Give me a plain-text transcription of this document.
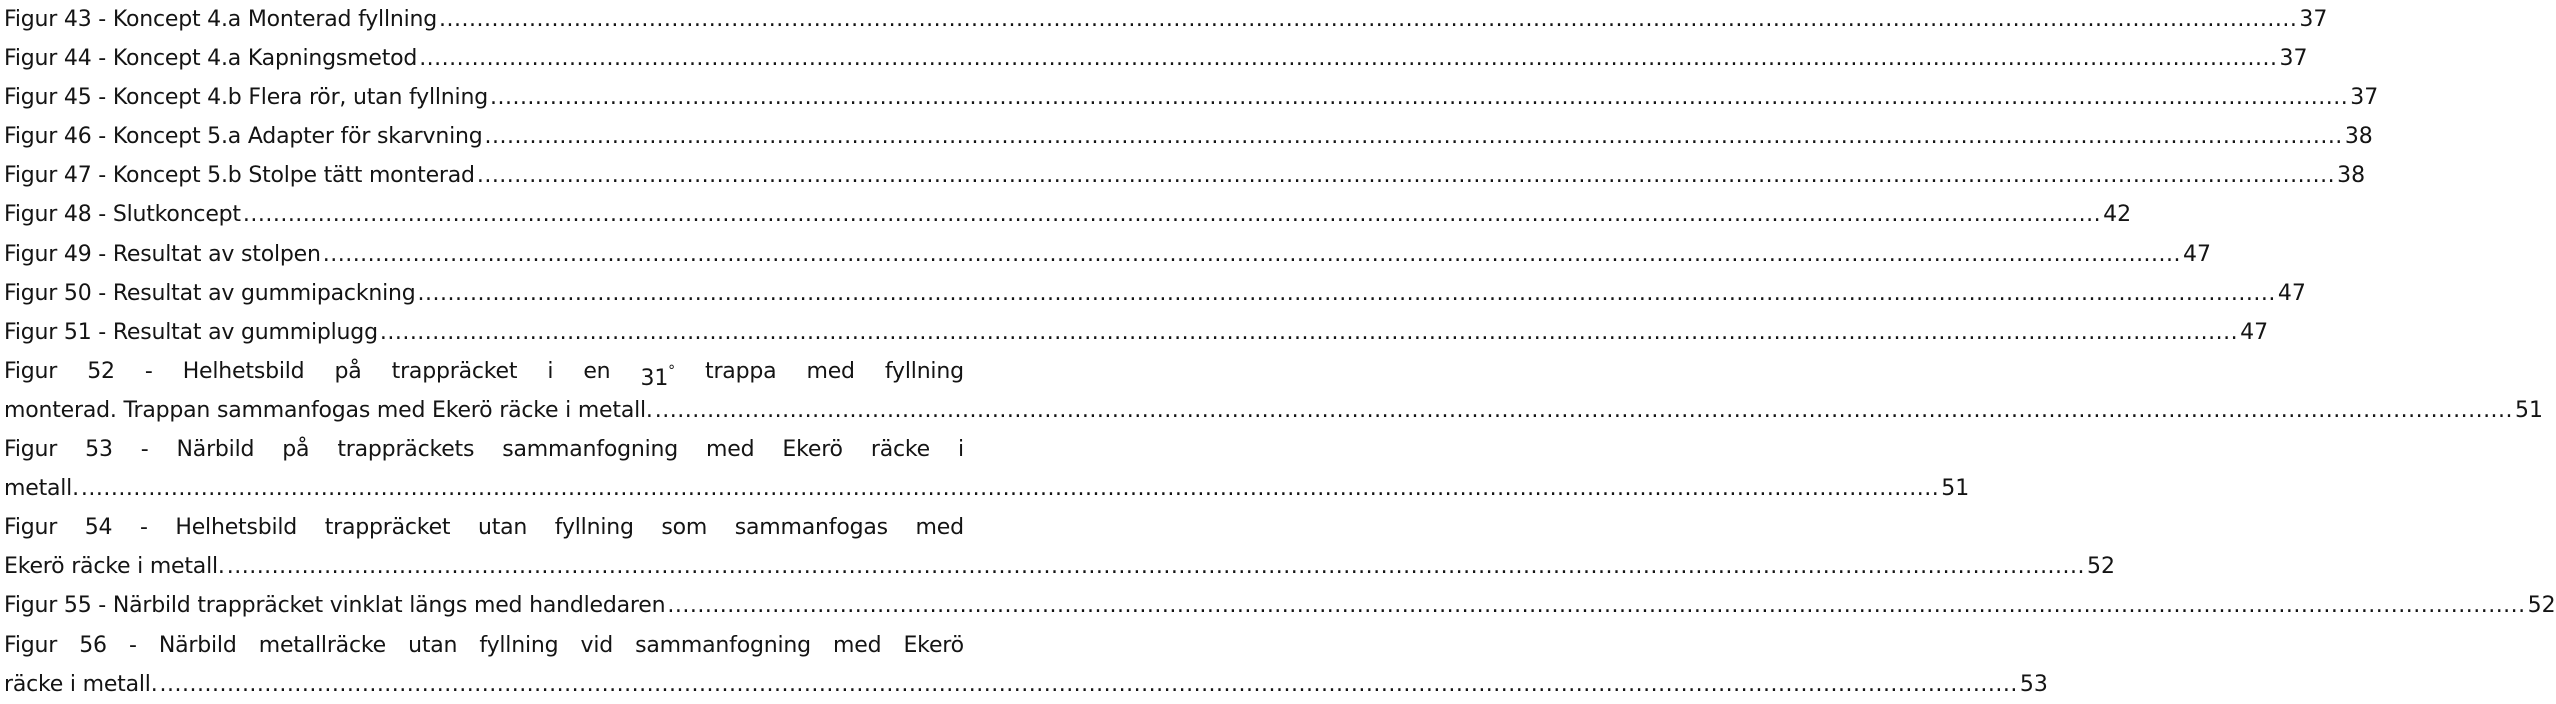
Figur 43 - Koncept 4.a Monterad fyllning .....	37
Figur 44 - Koncept 4.a Kapningsmetod .....	37
Figur 45 - Koncept 4.b Flera rör, utan fyllning .....	37
Figur 46 - Koncept 5.a Adapter för skarvning .....	38
Figur 47 - Koncept 5.b Stolpe tätt monterad .....	38
Figur 48 - Slutkoncept .....	42
Figur 49 - Resultat av stolpen .....	47
Figur 50 - Resultat av gummipackning .....	47
Figur 51 - Resultat av gummiplugg .....	47
Figur 52 - Helhetsbild på trappräcket i en 31° trappa med fyllning
monterad. Trappan sammanfogas med Ekerö räcke i metall. .....	51
Figur 53 - Närbild på trappräckets sammanfogning med Ekerö räcke i
metall. .....	51
Figur 54 - Helhetsbild trappräcket utan fyllning som sammanfogas med
Ekerö räcke i metall. .....	52
Figur 55 - Närbild trappräcket vinklat längs med handledaren .....	52
Figur 56 - Närbild metallräcke utan fyllning vid sammanfogning med Ekerö
räcke i metall. .....	53
